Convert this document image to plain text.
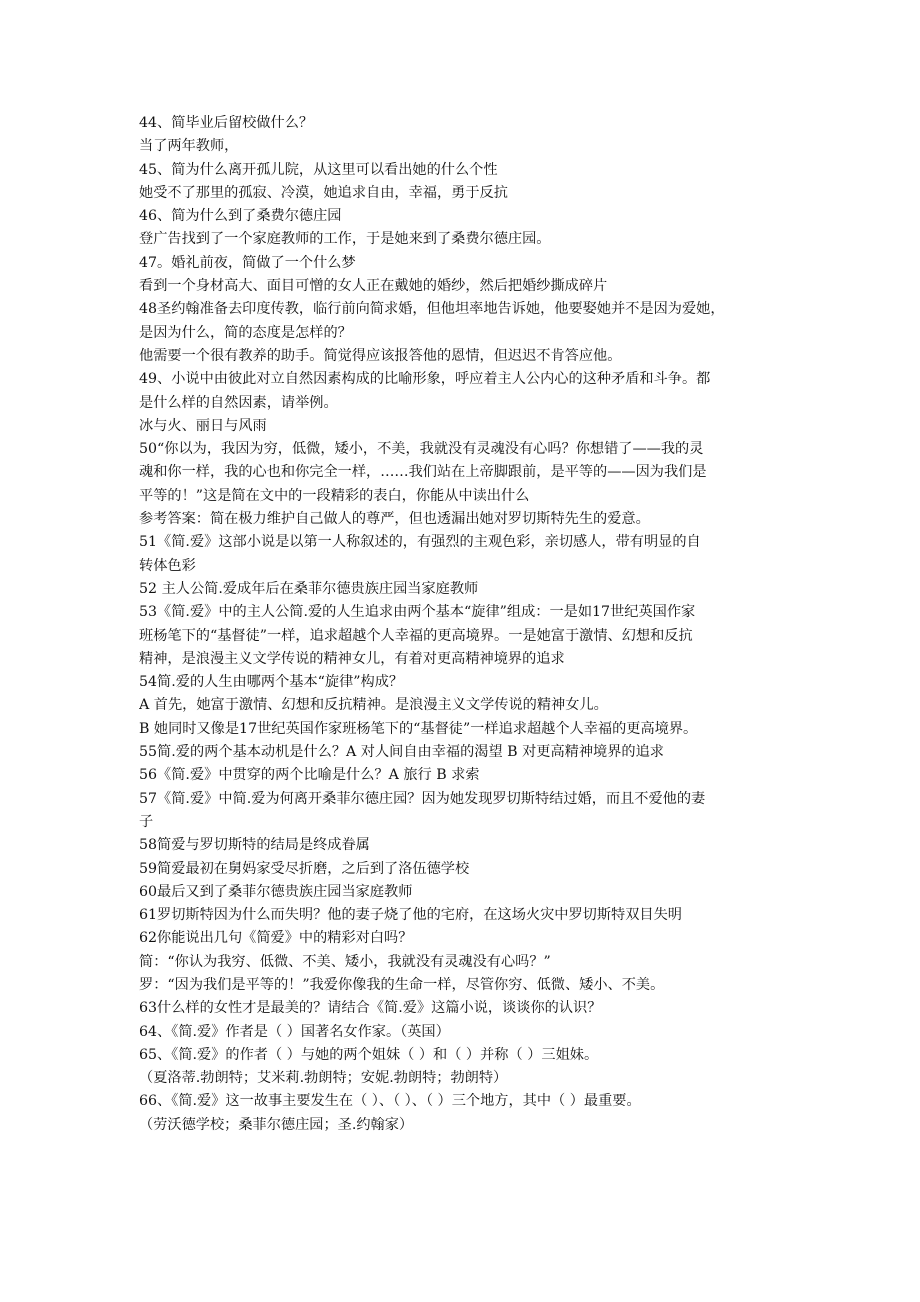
44、简毕业后留校做什么？
当了两年教师，
45、简为什么离开孤儿院，从这里可以看出她的什么个性
她受不了那里的孤寂、冷漠，她追求自由，幸福，勇于反抗
46、简为什么到了桑费尔德庄园
登广告找到了一个家庭教师的工作，于是她来到了桑费尔德庄园。
47。婚礼前夜，简做了一个什么梦
看到一个身材高大、面目可憎的女人正在戴她的婚纱，然后把婚纱撕成碎片
48圣约翰准备去印度传教，临行前向简求婚，但他坦率地告诉她，他要娶她并不是因为爱她，
是因为什么，简的态度是怎样的？
他需要一个很有教养的助手。简觉得应该报答他的恩情，但迟迟不肯答应他。
49、小说中由彼此对立自然因素构成的比喻形象，呼应着主人公内心的这种矛盾和斗争。都
是什么样的自然因素，请举例。
冰与火、丽日与风雨
50“你以为，我因为穷，低微，矮小，不美，我就没有灵魂没有心吗？你想错了——我的灵
魂和你一样，我的心也和你完全一样，……我们站在上帝脚跟前，是平等的——因为我们是
平等的！”这是简在文中的一段精彩的表白，你能从中读出什么
参考答案：简在极力维护自己做人的尊严，但也透漏出她对罗切斯特先生的爱意。
51《简.爱》这部小说是以第一人称叙述的，有强烈的主观色彩，亲切感人，带有明显的自
转体色彩
52 主人公简.爱成年后在桑菲尔德贵族庄园当家庭教师
53《简.爱》中的主人公简.爱的人生追求由两个基本“旋律”组成：一是如17世纪英国作家
班杨笔下的“基督徒”一样，追求超越个人幸福的更高境界。一是她富于激情、幻想和反抗
精神，是浪漫主义文学传说的精神女儿，有着对更高精神境界的追求
54简.爱的人生由哪两个基本“旋律”构成？
A 首先，她富于激情、幻想和反抗精神。是浪漫主义文学传说的精神女儿。
B 她同时又像是17世纪英国作家班杨笔下的“基督徒”一样追求超越个人幸福的更高境界。
55简.爱的两个基本动机是什么？A 对人间自由幸福的渴望 B 对更高精神境界的追求
56《简.爱》中贯穿的两个比喻是什么？A 旅行 B 求索
57《简.爱》中简.爱为何离开桑菲尔德庄园？因为她发现罗切斯特结过婚，而且不爱他的妻
子
58简爱与罗切斯特的结局是终成眷属
59简爱最初在舅妈家受尽折磨，之后到了洛伍德学校
60最后又到了桑菲尔德贵族庄园当家庭教师
61罗切斯特因为什么而失明？他的妻子烧了他的宅府，在这场火灾中罗切斯特双目失明
62你能说出几句《简爱》中的精彩对白吗？
简：“你认为我穷、低微、不美、矮小，我就没有灵魂没有心吗？”
罗：“因为我们是平等的！”我爱你像我的生命一样，尽管你穷、低微、矮小、不美。
63什么样的女性才是最美的？请结合《简.爱》这篇小说，谈谈你的认识？
64、《简.爱》作者是（ ）国著名女作家。（英国）
65、《简.爱》的作者（ ）与她的两个姐妹（ ）和（ ）并称（ ）三姐妹。
（夏洛蒂.勃朗特；艾米莉.勃朗特；安妮.勃朗特；勃朗特）
66、《简.爱》这一故事主要发生在（ ）、（ ）、（ ）三个地方，其中（ ）最重要。
（劳沃德学校；桑菲尔德庄园；圣.约翰家）
